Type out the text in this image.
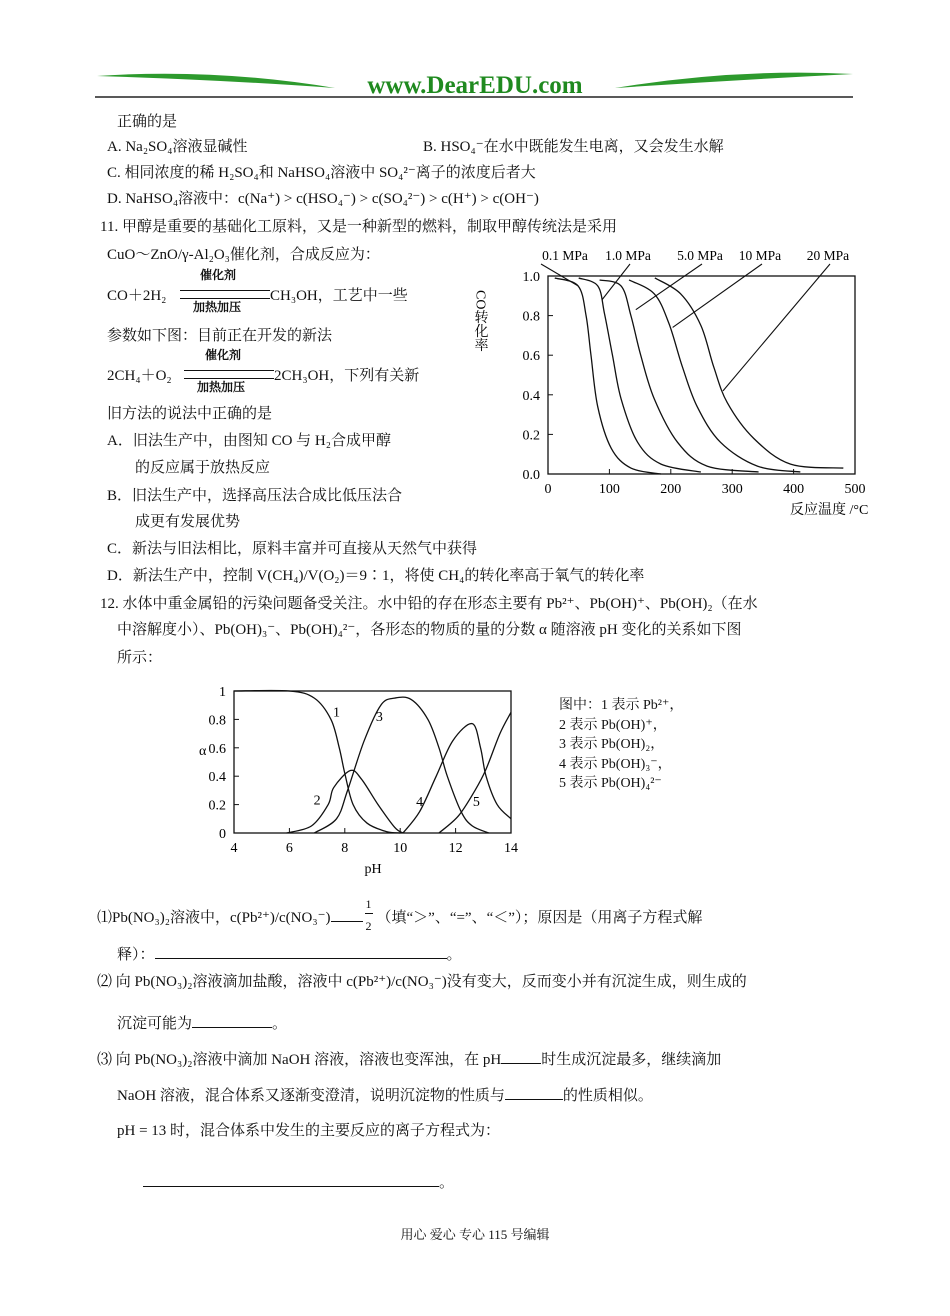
www.DearEDU.com
正确的是
A. Na₂SO₄溶液显碱性	B. HSO₄⁻在水中既能发生电离，又会发生水解
C. 相同浓度的稀 H₂SO₄和 NaHSO₄溶液中 SO₄²⁻离子的浓度后者大
D. NaHSO₄溶液中：c(Na⁺) > c(HSO₄⁻) > c(SO₄²⁻) > c(H⁺) > c(OH⁻)
11. 甲醇是重要的基础化工原料，又是一种新型的燃料，制取甲醇传统法是采用
CuO～ZnO/γ-Al₂O₃催化剂，合成反应为：
CO＋2H₂
催化剂
加热加压
CH₃OH，工艺中一些
参数如下图：目前正在开发的新法
2CH₄＋O₂
催化剂
加热加压
2CH₃OH，下列有关新
旧方法的说法中正确的是
A．旧法生产中，由图知 CO 与 H₂合成甲醇
的反应属于放热反应
B．旧法生产中，选择高压法合成比低压法合
成更有发展优势
C．新法与旧法相比，原料丰富并可直接从天然气中获得
D．新法生产中，控制 V(CH₄)/V(O₂)＝9∶1，将使 CH₄的转化率高于氧气的转化率
0	100	200	300	400	500
0.0
0.2
0.4
0.6
0.8
1.0
0.1 MPa 1.0 MPa 5.0 MPa 10 MPa 20 MPa
CO转化率
反应温度 /°C
12. 水体中重金属铅的污染问题备受关注。水中铅的存在形态主要有 Pb²⁺、Pb(OH)⁺、Pb(OH)₂（在水
中溶解度小）、Pb(OH)₃⁻、Pb(OH)₄²⁻，各形态的物质的量的分数 α 随溶液 pH 变化的关系如下图
所示：
4	6	8	10	12	14
0
0.2
0.4
0.6
0.8
1
1
2
3
4	5
α
pH
图中：1 表示 Pb²⁺，
2 表示 Pb(OH)⁺，
3 表示 Pb(OH)₂，
4 表示 Pb(OH)₃⁻，
5 表示 Pb(OH)₄²⁻
⑴Pb(NO₃)₂溶液中，c(Pb²⁺)/c(NO₃⁻)
$\frac{1}{2}$
（填“＞”、“=”、“＜”）；原因是（用离子方程式解
释）：	。
⑵ 向 Pb(NO₃)₂溶液滴加盐酸，溶液中 c(Pb²⁺)/c(NO₃⁻)没有变大，反而变小并有沉淀生成，则生成的
沉淀可能为	。
⑶ 向 Pb(NO₃)₂溶液中滴加 NaOH 溶液，溶液也变浑浊，在 pH	时生成沉淀最多，继续滴加
NaOH 溶液，混合体系又逐渐变澄清，说明沉淀物的性质与	的性质相似。
pH = 13 时，混合体系中发生的主要反应的离子方程式为：
。
用心 爱心 专心 115 号编辑
